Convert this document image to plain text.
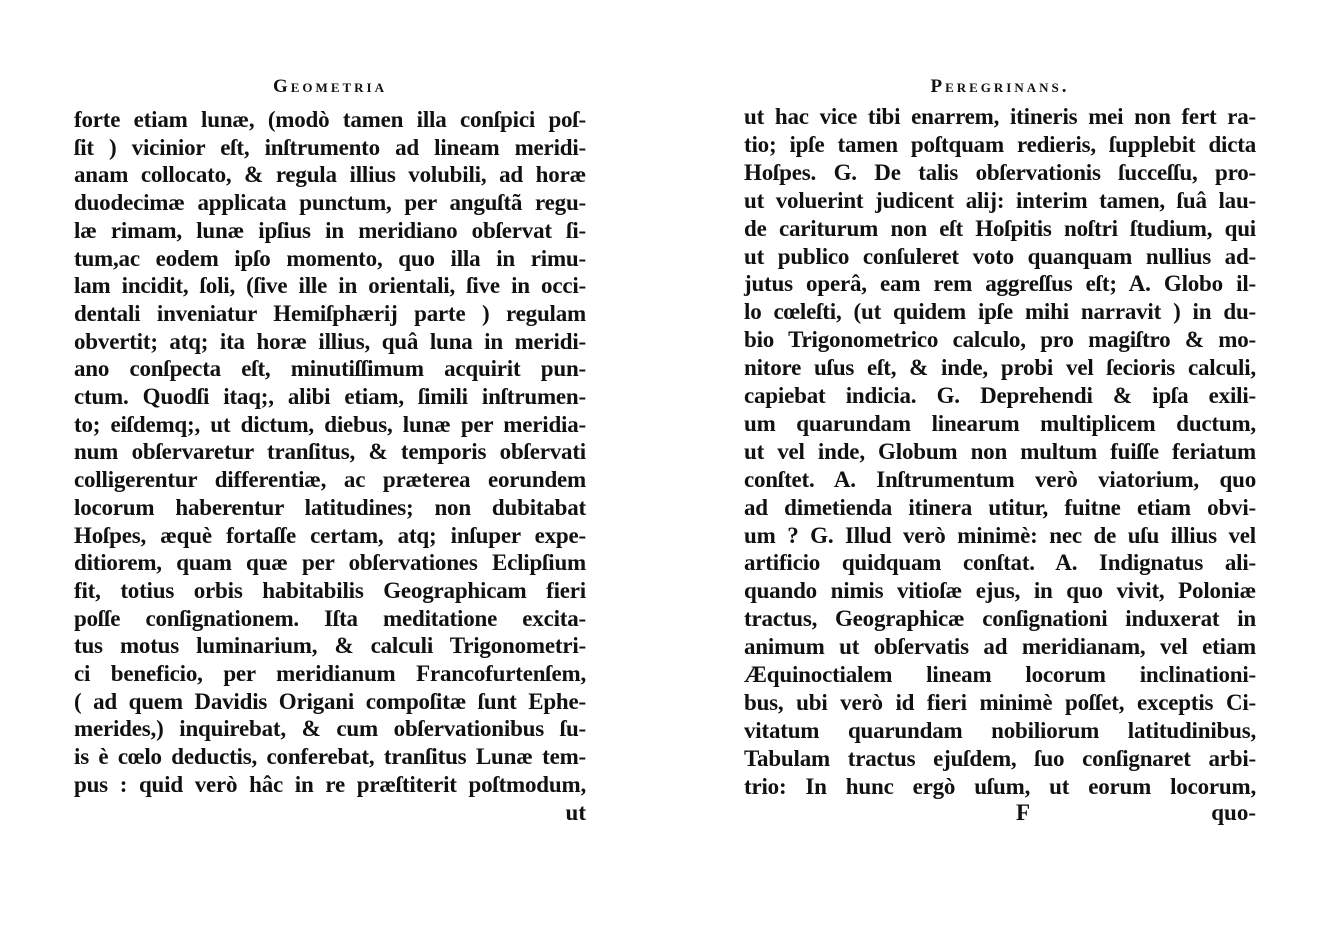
Geometria
forte etiam lunæ, (modò tamen illa conſpici poſ-
ſit ) vicinior eſt, inſtrumento ad lineam meridi-
anam collocato, & regula illius volubili, ad horæ
duodecimæ applicata punctum, per anguſtã regu-
læ rimam, lunæ ipſius in meridiano obſervat ſi-
tum,ac eodem ipſo momento, quo illa in rimu-
lam incidit, ſoli, (ſive ille in orientali, ſive in occi-
dentali inveniatur Hemiſphærij parte ) regulam
obvertit; atq; ita horæ illius, quâ luna in meridi-
ano conſpecta eſt, minutiſſimum acquirit pun-
ctum. Quodſi itaq;, alibi etiam, ſimili inſtrumen-
to; eiſdemq;, ut dictum, diebus, lunæ per meridia-
num obſervaretur tranſitus, & temporis obſervati
colligerentur differentiæ, ac præterea eorundem
locorum haberentur latitudines; non dubitabat
Hoſpes, æquè fortaſſe certam, atq; inſuper expe-
ditiorem, quam quæ per obſervationes Eclipſium
fit, totius orbis habitabilis Geographicam fieri
poſſe conſignationem. Iſta meditatione excita-
tus motus luminarium, & calculi Trigonometri-
ci beneficio, per meridianum Francofurtenſem,
( ad quem Davidis Origani compoſitæ ſunt Ephe-
merides,) inquirebat, & cum obſervationibus ſu-
is è cœlo deductis, conferebat, tranſitus Lunæ tem-
pus : quid verò hâc in re præſtiterit poſtmodum,
ut
Peregrinans.
ut hac vice tibi enarrem, itineris mei non fert ra-
tio; ipſe tamen poſtquam redieris, ſupplebit dicta
Hoſpes. G. De talis obſervationis ſucceſſu, pro-
ut voluerint judicent alij: interim tamen, ſuâ lau-
de cariturum non eſt Hoſpitis noſtri ſtudium, qui
ut publico conſuleret voto quanquam nullius ad-
jutus operâ, eam rem aggreſſus eſt; A. Globo il-
lo cœleſti, (ut quidem ipſe mihi narravit ) in du-
bio Trigonometrico calculo, pro magiſtro & mo-
nitore uſus eſt, & inde, probi vel ſecioris calculi,
capiebat indicia. G. Deprehendi & ipſa exili-
um quarundam linearum multiplicem ductum,
ut vel inde, Globum non multum fuiſſe feriatum
conſtet. A. Inſtrumentum verò viatorium, quo
ad dimetienda itinera utitur, fuitne etiam obvi-
um ? G. Illud verò minimè: nec de uſu illius vel
artificio quidquam conſtat. A. Indignatus ali-
quando nimis vitioſæ ejus, in quo vivit, Poloniæ
tractus, Geographicæ conſignationi induxerat in
animum ut obſervatis ad meridianam, vel etiam
Æquinoctialem lineam locorum inclinationi-
bus, ubi verò id fieri minimè poſſet, exceptis Ci-
vitatum quarundam nobiliorum latitudinibus,
Tabulam tractus ejuſdem, ſuo conſignaret arbi-
trio: In hunc ergò uſum, ut eorum locorum,
F	quo-
